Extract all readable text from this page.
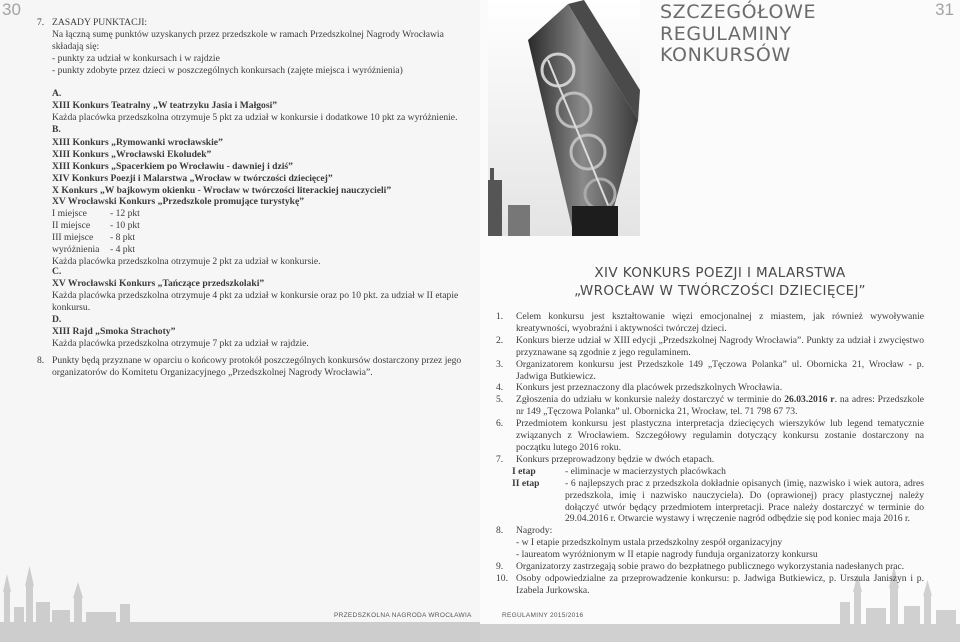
30
7. ZASADY PUNKTACJI:
Na łączną sumę punktów uzyskanych przez przedszkole w ramach Przedszkolnej Nagrody Wrocławia
składają się:
- punkty za udział w konkursach i w rajdzie
- punkty zdobyte przez dzieci w poszczególnych konkursach (zajęte miejsca i wyróżnienia)
A.
XIII Konkurs Teatralny „W teatrzyku Jasia i Małgosi”
Każda placówka przedszkolna otrzymuje 5 pkt za udział w konkursie i dodatkowe 10 pkt za wyróżnienie.
B.
XIII Konkurs „Rymowanki wrocławskie”
XIII Konkurs „Wrocławski Ekoludek”
XIII Konkurs „Spacerkiem po Wrocławiu - dawniej i dziś”
XIV Konkurs Poezji i Malarstwa „Wrocław w twórczości dziecięcej”
X Konkurs „W bajkowym okienku - Wrocław w twórczości literackiej nauczycieli”
XV Wrocławski Konkurs „Przedszkole promujące turystykę”
I miejsce	- 12 pkt
II miejsce	- 10 pkt
III miejsce	- 8 pkt
wyróżnienia	- 4 pkt
Każda placówka przedszkolna otrzymuje 2 pkt za udział w konkursie.
C.
XV Wrocławski Konkurs „Tańczące przedszkolaki”
Każda placówka przedszkolna otrzymuje 4 pkt za udział w konkursie oraz po 10 pkt. za udział w II etapie
konkursu.
D.
XIII Rajd „Smoka Strachoty”
Każda placówka przedszkolna otrzymuje 7 pkt za udział w rajdzie.
8. Punkty będą przyznane w oparciu o końcowy protokół poszczególnych konkursów dostarczony przez jego
organizatorów do Komitetu Organizacyjnego „Przedszkolnej Nagrody Wrocławia”.
PRZEDSZKOLNA NAGRODA WROCŁAWIA
31
REGULAMINY 2015/2016
SZCZEGÓŁOWE
REGULAMINY
KONKURSÓW
XIV KONKURS POEZJI I MALARSTWA
„WROCŁAW W TWÓRCZOŚCI DZIECIĘCEJ”
1.	Celem konkursu jest kształtowanie więzi emocjonalnej z miastem, jak również wywoływanie kreatywności, wyobraźni i aktywności twórczej dzieci.
2.	Konkurs bierze udział w XIII edycji „Przedszkolnej Nagrody Wrocławia”. Punkty za udział i zwycięstwo przyznawane są zgodnie z jego regulaminem.
3.	Organizatorem konkursu jest Przedszkole 149 „Tęczowa Polanka” ul. Obornicka 21, Wrocław - p. Jadwiga Butkiewicz.
4.	Konkurs jest przeznaczony dla placówek przedszkolnych Wrocławia.
5.	Zgłoszenia do udziału w konkursie należy dostarczyć w terminie do 26.03.2016 r. na adres: Przedszkole nr 149 „Tęczowa Polanka” ul. Obornicka 21, Wrocław, tel. 71 798 67 73.
6.	Przedmiotem konkursu jest plastyczna interpretacja dziecięcych wierszyków lub legend tematycznie związanych z Wrocławiem. Szczegółowy regulamin dotyczący konkursu zostanie dostarczony na początku lutego 2016 roku.
7.	Konkurs przeprowadzony będzie w dwóch etapach.
I etap	- eliminacje w macierzystych placówkach
II etap	- 6 najlepszych prac z przedszkola dokładnie opisanych (imię, nazwisko i wiek autora, adres przedszkola, imię i nazwisko nauczyciela). Do (oprawionej) pracy plastycznej należy dołączyć utwór będący przedmiotem interpretacji. Prace należy dostarczyć w terminie do 29.04.2016 r. Otwarcie wystawy i wręczenie nagród odbędzie się pod koniec maja 2016 r.
8.	Nagrody:
- w I etapie przedszkolnym ustala przedszkolny zespół organizacyjny
- laureatom wyróżnionym w II etapie nagrody funduja organizatorzy konkursu
9.	Organizatorzy zastrzegają sobie prawo do bezpłatnego publicznego wykorzystania nadesłanych prac.
10. Osoby odpowiedzialne za przeprowadzenie konkursu: p. Jadwiga Butkiewicz, p. Urszula Janiszyn i p. Izabela Jurkowska.
